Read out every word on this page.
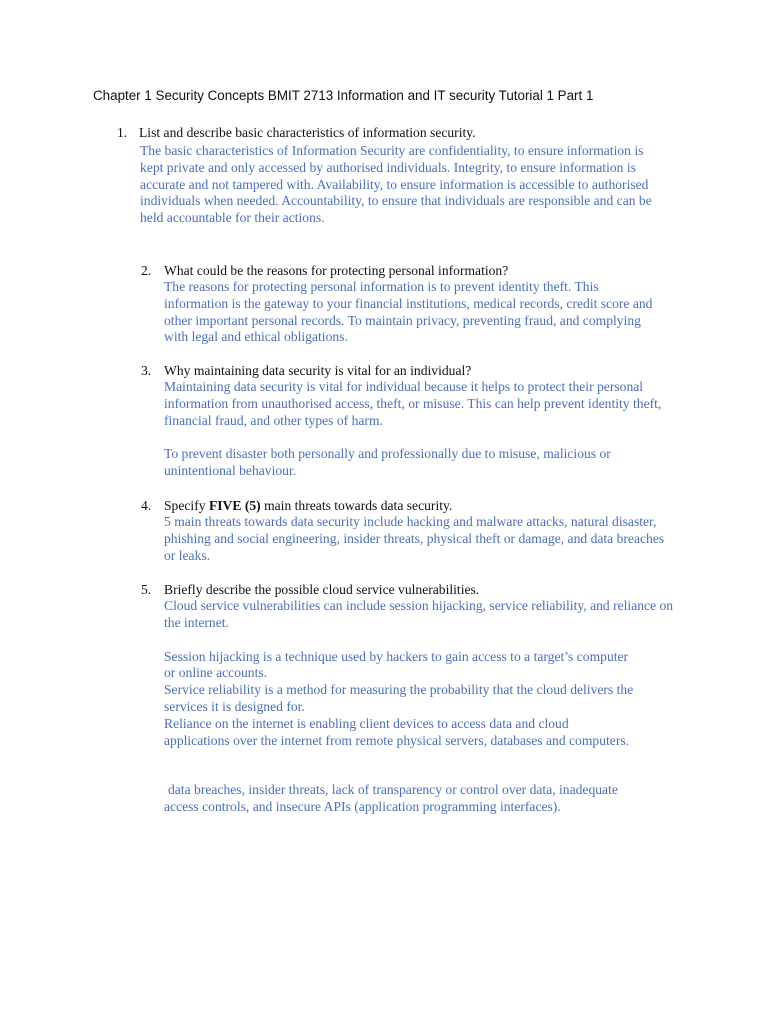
Chapter 1 Security Concepts BMIT 2713 Information and IT security Tutorial 1 Part 1
1. List and describe basic characteristics of information security.

The basic characteristics of Information Security are confidentiality, to ensure information is kept private and only accessed by authorised individuals. Integrity, to ensure information is accurate and not tampered with. Availability, to ensure information is accessible to authorised individuals when needed. Accountability, to ensure that individuals are responsible and can be held accountable for their actions.

2. What could be the reasons for protecting personal information?

The reasons for protecting personal information is to prevent identity theft. This information is the gateway to your financial institutions, medical records, credit score and other important personal records. To maintain privacy, preventing fraud, and complying with legal and ethical obligations.

3. Why maintaining data security is vital for an individual?

Maintaining data security is vital for individual because it helps to protect their personal information from unauthorised access, theft, or misuse. This can help prevent identity theft, financial fraud, and other types of harm.

To prevent disaster both personally and professionally due to misuse, malicious or unintentional behaviour.

4. Specify FIVE (5) main threats towards data security.

5 main threats towards data security include hacking and malware attacks, natural disaster, phishing and social engineering, insider threats, physical theft or damage, and data breaches or leaks.

5. Briefly describe the possible cloud service vulnerabilities.

Cloud service vulnerabilities can include session hijacking, service reliability, and reliance on the internet.

Session hijacking is a technique used by hackers to gain access to a target’s computer or online accounts.

Service reliability is a method for measuring the probability that the cloud delivers the services it is designed for.

Reliance on the internet is enabling client devices to access data and cloud applications over the internet from remote physical servers, databases and computers.

data breaches, insider threats, lack of transparency or control over data, inadequate access controls, and insecure APIs (application programming interfaces).
